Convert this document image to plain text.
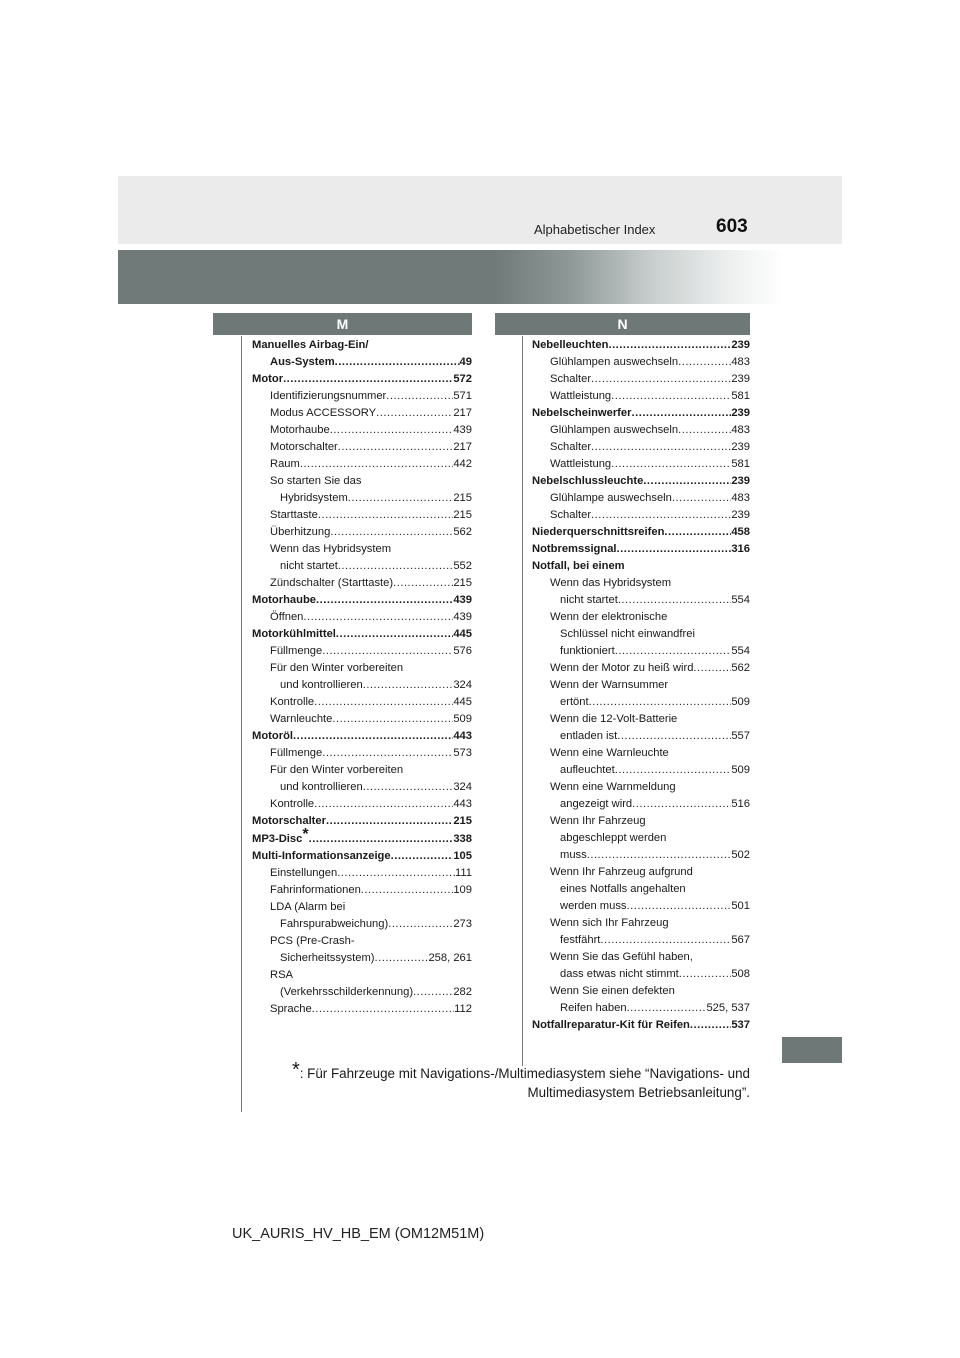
Alphabetischer Index	603
M	N
Manuelles Airbag-Ein/
Aus-System .....	49
Motor .....	572
Identifizierungsnummer .....	571
Modus ACCESSORY .....	217
Motorhaube .....	439
Motorschalter .....	217
Raum .....	442
So starten Sie das
Hybridsystem .....	215
Starttaste .....	215
Überhitzung .....	562
Wenn das Hybridsystem
nicht startet .....	552
Zündschalter (Starttaste) .....	215
Motorhaube .....	439
Öffnen .....	439
Motorkühlmittel .....	445
Füllmenge .....	576
Für den Winter vorbereiten
und kontrollieren .....	324
Kontrolle .....	445
Warnleuchte .....	509
Motoröl .....	443
Füllmenge .....	573
Für den Winter vorbereiten
und kontrollieren .....	324
Kontrolle .....	443
Motorschalter .....	215
MP3-Disc* .....	338
Multi-Informationsanzeige .....	105
Einstellungen .....	111
Fahrinformationen .....	109
LDA (Alarm bei
Fahrspurabweichung) .....	273
PCS (Pre-Crash-
Sicherheitssystem) .....	258, 261
RSA
(Verkehrsschilderkennung) .....	282
Sprache .....	112
Nebelleuchten .....	239
Glühlampen auswechseln .....	483
Schalter .....	239
Wattleistung .....	581
Nebelscheinwerfer .....	239
Glühlampen auswechseln .....	483
Schalter .....	239
Wattleistung .....	581
Nebelschlussleuchte .....	239
Glühlampe auswechseln .....	483
Schalter .....	239
Niederquerschnittsreifen .....	458
Notbremssignal .....	316
Notfall, bei einem
Wenn das Hybridsystem
nicht startet .....	554
Wenn der elektronische
Schlüssel nicht einwandfrei
funktioniert .....	554
Wenn der Motor zu heiß wird .....	562
Wenn der Warnsummer
ertönt .....	509
Wenn die 12-Volt-Batterie
entladen ist .....	557
Wenn eine Warnleuchte
aufleuchtet .....	509
Wenn eine Warnmeldung
angezeigt wird .....	516
Wenn Ihr Fahrzeug
abgeschleppt werden
muss .....	502
Wenn Ihr Fahrzeug aufgrund
eines Notfalls angehalten
werden muss .....	501
Wenn sich Ihr Fahrzeug
festfährt .....	567
Wenn Sie das Gefühl haben,
dass etwas nicht stimmt .....	508
Wenn Sie einen defekten
Reifen haben .....	525, 537
Notfallreparatur-Kit für Reifen .....	537
*: Für Fahrzeuge mit Navigations-/Multimediasystem siehe “Navigations- und
Multimediasystem Betriebsanleitung”.
UK_AURIS_HV_HB_EM (OM12M51M)
